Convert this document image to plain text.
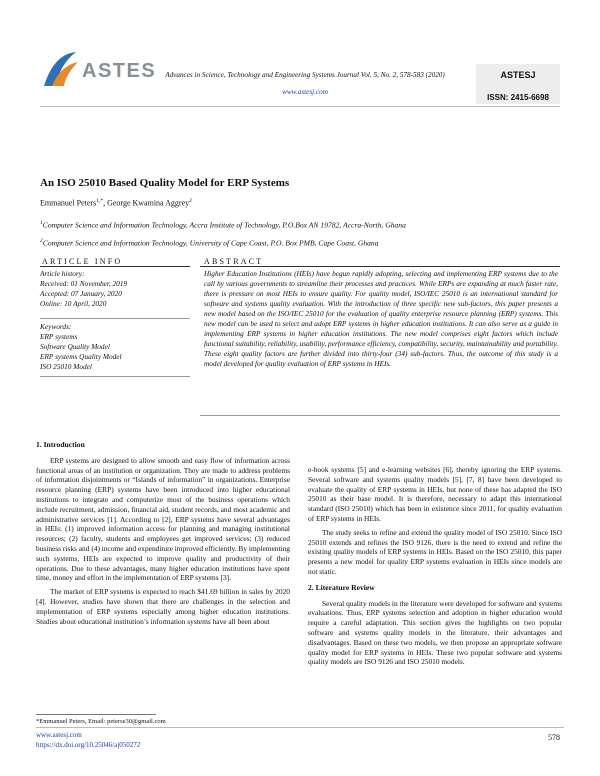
ASTES	Advances in Science, Technology and Engineering Systems Journal Vol. 5, No. 2, 578-583 (2020)
www.astesj.com
ASTESJ
ISSN: 2415-6698
An ISO 25010 Based Quality Model for ERP Systems
Emmanuel Peters$^{1,*}$, George Kwamina Aggrey$^2$
$^1$Computer Science and Information Technology, Accra Institute of Technology, P.O.Box AN 19782, Accra-North, Ghana
$^2$Computer Science and Information Technology, University of Cape Coast, P.O. Box PMB, Cape Coast, Ghana
ARTICLE INFO	ABSTRACT
Article history:
Received: 01 November, 2019
Accepted: 07 January, 2020
Online: 10 April, 2020
Keywords:
ERP systems
Software Quality Model
ERP systems Quality Model
ISO 25010 Model
Higher Education Institutions (HEIs) have begun rapidly adopting, selecting and implementing ERP systems due to the call by various governments to streamline their processes and practices. While ERPs are expanding at much faster rate, there is pressure on most HEIs to ensure quality. For quality model, ISO/IEC 25010 is an international standard for software and systems quality evaluation. With the introduction of three specific new sub-factors, this paper presents a new model based on the ISO/IEC 25010 for the evaluation of quality enterprise resource planning (ERP) systems. This new model can be used to select and adopt ERP systems in higher education institutions. It can also serve as a guide in implementing ERP systems in higher education institutions. The new model comprises eight factors which include functional suitability, reliability, usability, performance efficiency, compatibility, security, maintainability and portability. These eight quality factors are further divided into thirty-four (34) sub-factors. Thus, the outcome of this study is a model developed for quality evaluation of ERP systems in HEIs.
1. Introduction

ERP systems are designed to allow smooth and easy flow of information across functional areas of an institution or organization. They are made to address problems of information disjointments or “Islands of information” in organizations. Enterprise resource planning (ERP) systems have been introduced into higher educational institutions to integrate and computerize most of the business operations which include recruitment, admission, financial aid, student records, and most academic and administrative services [1]. According to [2], ERP systems have several advantages in HEIs: (1) improved information access for planning and managing institutional resources; (2) faculty, students and employees get improved services; (3) reduced business risks and (4) income and expenditure improved efficiently. By implementing such systems, HEIs are expected to improve quality and productivity of their operations. Due to these advantages, many higher education institutions have spent time, money and effort in the implementation of ERP systems [3].

The market of ERP systems is expected to reach $41.69 billion in sales by 2020 [4]. However, studies have shown that there are challenges in the selection and implementation of ERP systems especially among higher education institutions. Studies about educational institution’s information systems have all been about

e-book systems [5] and e-learning websites [6], thereby ignoring the ERP systems. Several software and systems quality models [5], [7, 8] have been developed to evaluate the quality of ERP systems in HEIs, but none of these has adapted the ISO 25010 as their base model. It is therefore, necessary to adapt this international standard (ISO 25010) which has been in existence since 2011, for quality evaluation of ERP systems in HEIs.

The study seeks to refine and extend the quality model of ISO 25010. Since ISO 25010 extends and refines the ISO 9126, there is the need to extend and refine the existing quality models of ERP systems in HEIs. Based on the ISO 25010, this paper presents a new model for quality ERP systems evaluation in HEIs since models are not static.

2. Literature Review

Several quality models in the literature were developed for software and systems evaluations. Thus, ERP systems selection and adoption in higher education would require a careful adaptation. This section gives the highlights on two popular software and systems quality models in the literature, their advantages and disadvantages. Based on these two models, we then propose an appropriate software quality model for ERP systems in HEIs. These two popular software and systems quality models are ISO 9126 and ISO 25010 models.

*Emmanuel Peters, Email: peterse30@gmail.com
www.astesj.com
https://dx.doi.org/10.25046/aj050272
578
